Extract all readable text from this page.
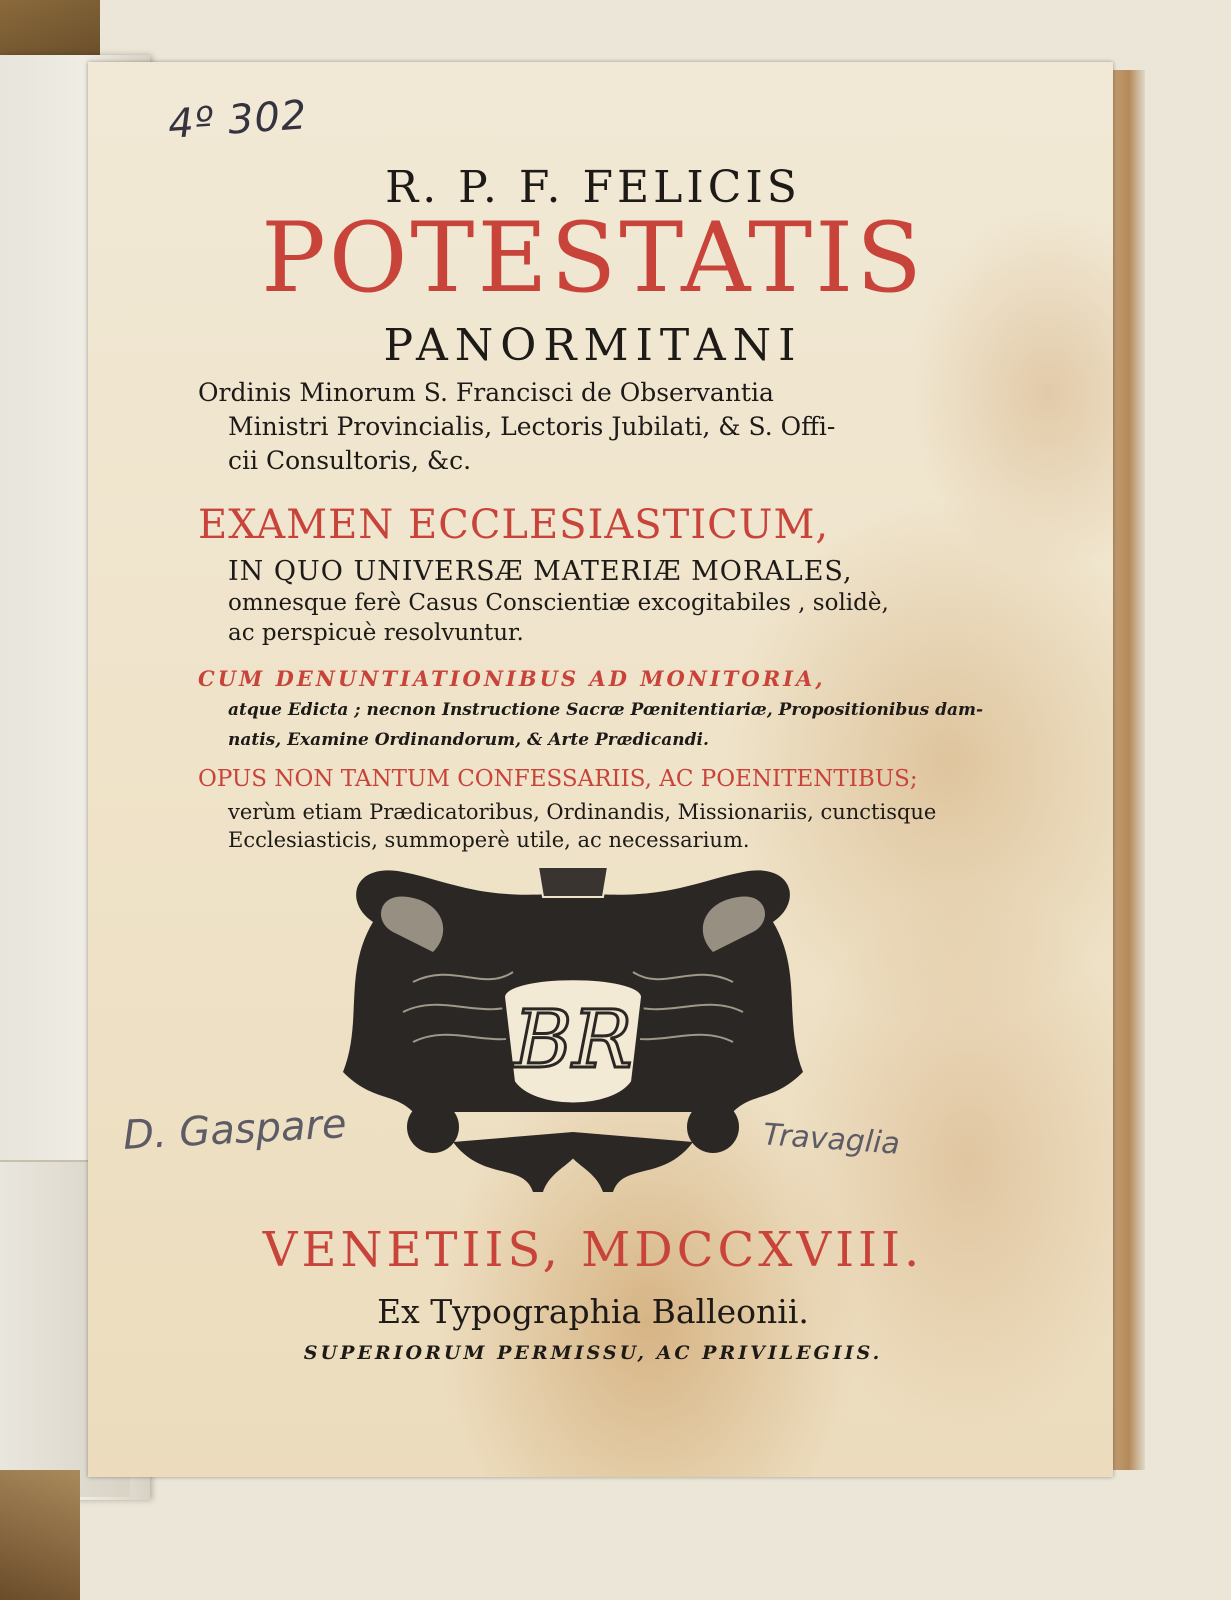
4º 302
R. P. F. FELICIS
POTESTATIS
PANORMITANI
Ordinis Minorum S. Francisci de Observantia
Ministri Provincialis, Lectoris Jubilati, & S. Offi-
cii Consultoris, &c.
EXAMEN ECCLESIASTICUM,
IN QUO UNIVERSÆ MATERIÆ MORALES,
omnesque ferè Casus Conscientiæ excogitabiles , solidè,
ac perspicuè resolvuntur.
CUM DENUNTIATIONIBUS AD MONITORIA,
atque Edicta ; necnon Instructione Sacræ Pœnitentiariæ, Propositionibus dam-
natis, Examine Ordinandorum, & Arte Prædicandi.
OPUS NON TANTUM CONFESSARIIS, AC POENITENTIBUS;
verùm etiam Prædicatoribus, Ordinandis, Missionariis, cunctisque
Ecclesiasticis, summoperè utile, ac necessarium.
BR
D. Gaspare	Travaglia
VENETIIS, MDCCXVIII.
Ex Typographia Balleonii.
SUPERIORUM PERMISSU, AC PRIVILEGIIS.
